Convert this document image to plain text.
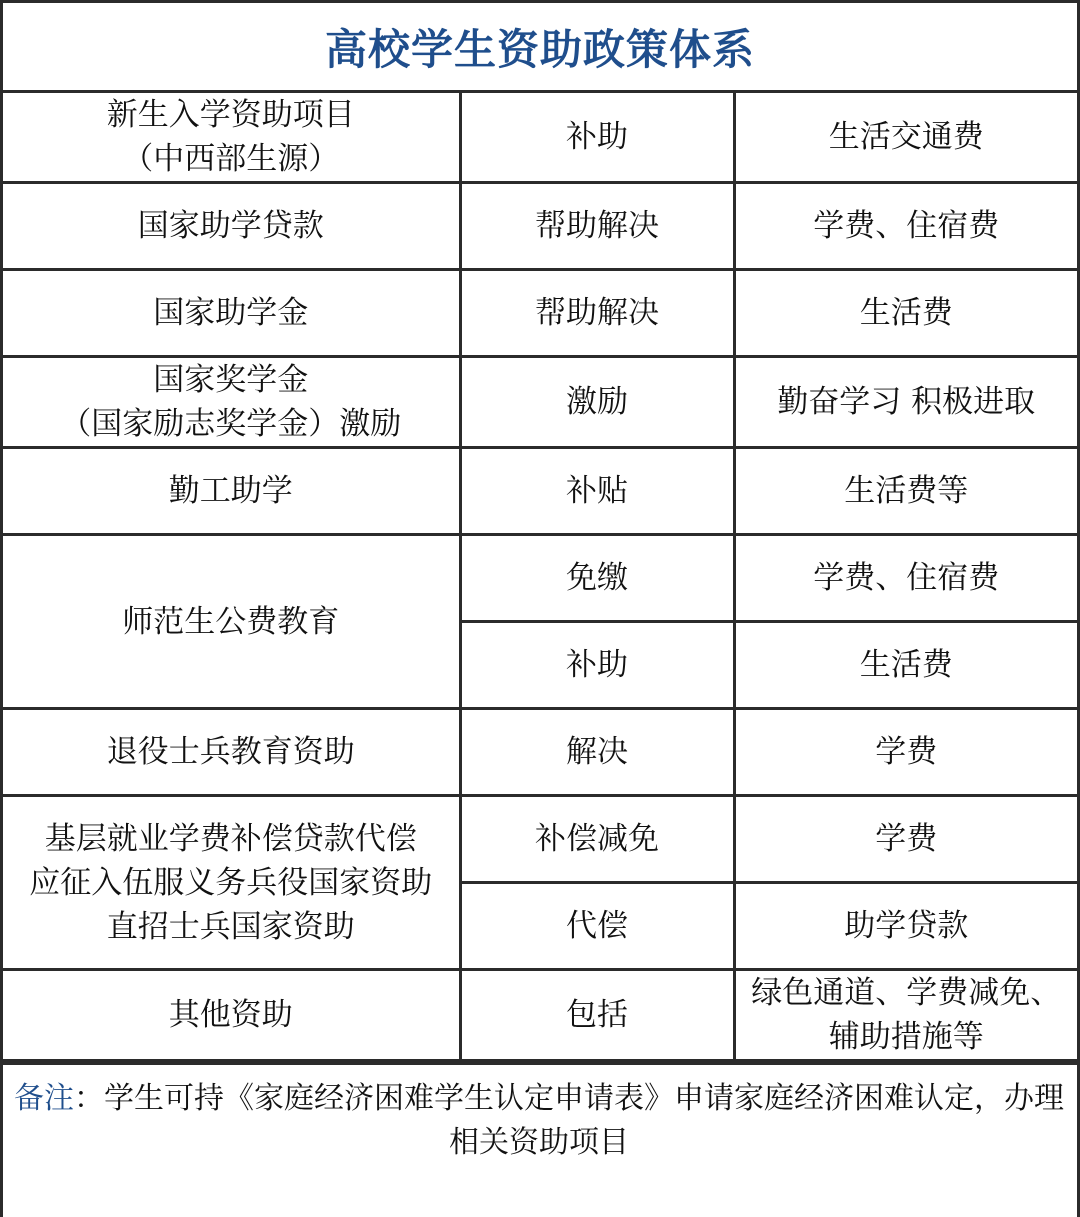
高校学生资助政策体系
新生入学资助项目
（中西部生源）	补助	生活交通费
国家助学贷款	帮助解决	学费、住宿费
国家助学金	帮助解决	生活费

国家奖学金
（国家励志奖学金）激励	激励	勤奋学习 积极进取
勤工助学	补贴	生活费等
师范生公费教育	免缴	学费、住宿费
	补助	生活费
退役士兵教育资助	解决	学费

基层就业学费补偿贷款代偿
应征入伍服义务兵役国家资助
直招士兵国家资助	补偿减免	学费
	代偿	助学贷款
其他资助	包括	绿色通道、学费减免、
辅助措施等
备注：学生可持《家庭经济困难学生认定申请表》申请家庭经济困难认定，办理相关资助项目
